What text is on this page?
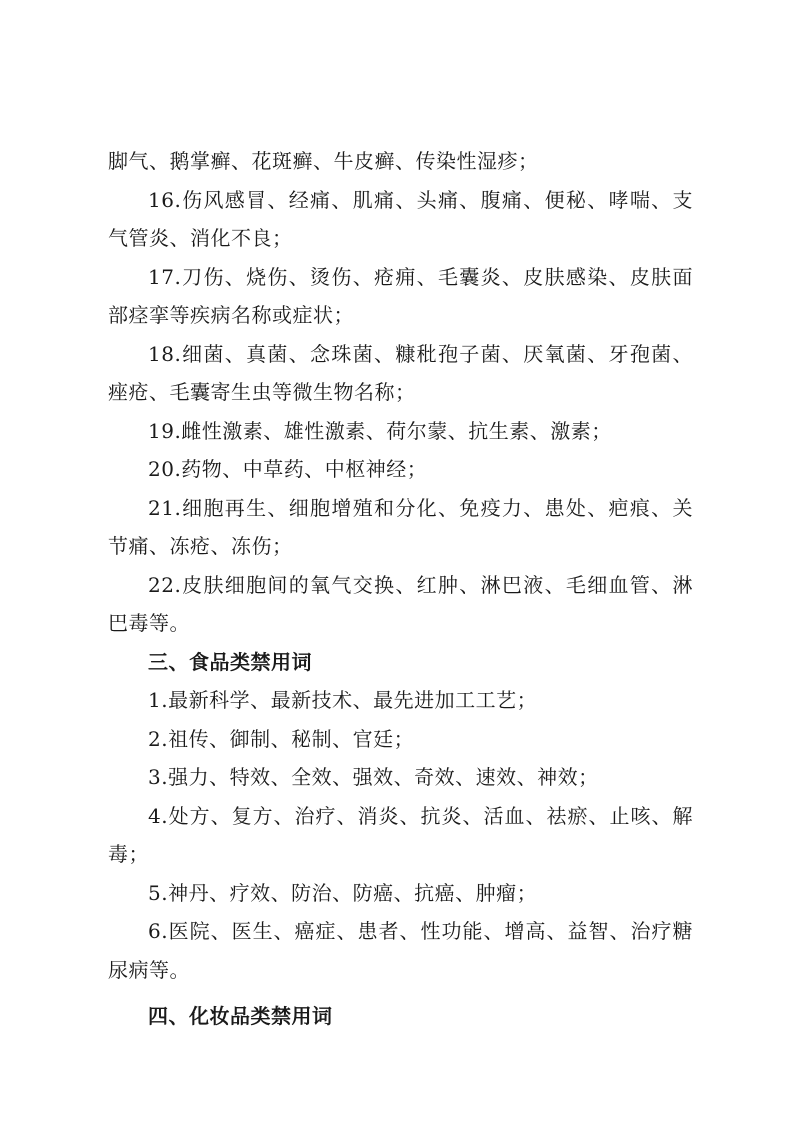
脚气、鹅掌癣、花斑癣、牛皮癣、传染性湿疹；

16.伤风感冒、经痛、肌痛、头痛、腹痛、便秘、哮喘、支气管炎、消化不良；

17.刀伤、烧伤、烫伤、疮痈、毛囊炎、皮肤感染、皮肤面部痉挛等疾病名称或症状；

18.细菌、真菌、念珠菌、糠秕孢子菌、厌氧菌、牙孢菌、痤疮、毛囊寄生虫等微生物名称；

19.雌性激素、雄性激素、荷尔蒙、抗生素、激素；

20.药物、中草药、中枢神经；

21.细胞再生、细胞增殖和分化、免疫力、患处、疤痕、关节痛、冻疮、冻伤；

22.皮肤细胞间的氧气交换、红肿、淋巴液、毛细血管、淋巴毒等。

三、食品类禁用词

1.最新科学、最新技术、最先进加工工艺；

2.祖传、御制、秘制、官廷；

3.强力、特效、全效、强效、奇效、速效、神效；

4.处方、复方、治疗、消炎、抗炎、活血、祛瘀、止咳、解毒；

5.神丹、疗效、防治、防癌、抗癌、肿瘤；

6.医院、医生、癌症、患者、性功能、增高、益智、治疗糖尿病等。

四、化妆品类禁用词
